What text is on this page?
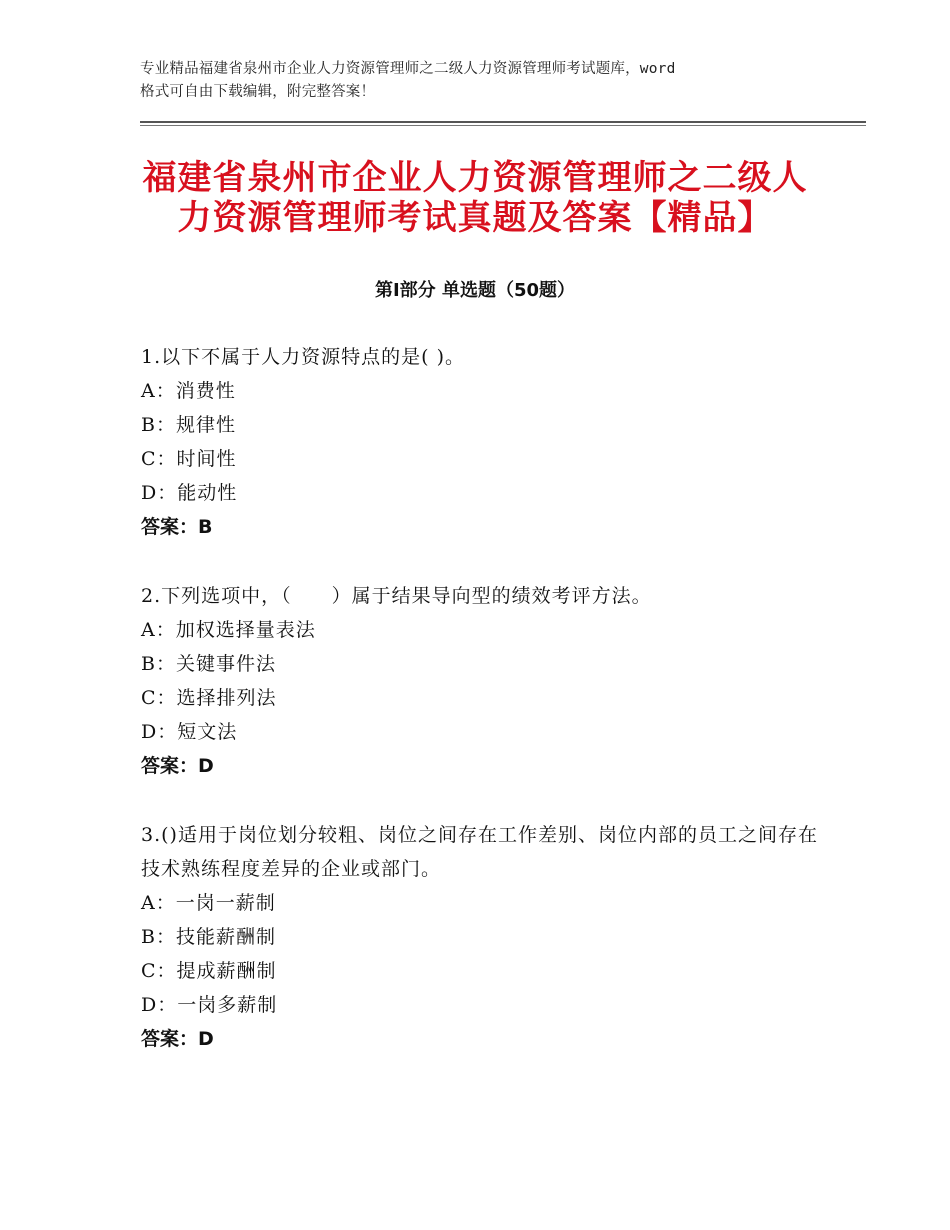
专业精品福建省泉州市企业人力资源管理师之二级人力资源管理师考试题库，word
格式可自由下载编辑，附完整答案！
福建省泉州市企业人力资源管理师之二级人
力资源管理师考试真题及答案【精品】
第Ⅰ部分 单选题（50题）
1.以下不属于人力资源特点的是( )。
A：消费性
B：规律性
C：时间性
D：能动性
答案：B
2.下列选项中，（　　）属于结果导向型的绩效考评方法。
A：加权选择量表法
B：关键事件法
C：选择排列法
D：短文法
答案：D
3.()适用于岗位划分较粗、岗位之间存在工作差别、岗位内部的员工之间存在技术熟练程度差异的企业或部门。
A：一岗一薪制
B：技能薪酬制
C：提成薪酬制
D：一岗多薪制
答案：D
